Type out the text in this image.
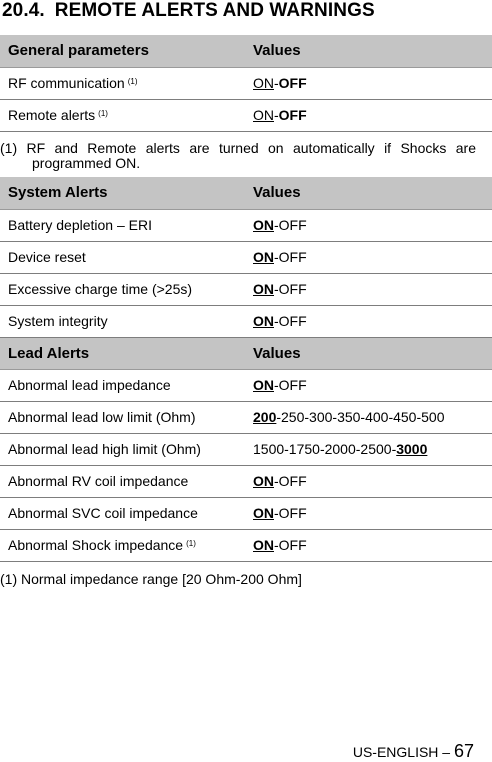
20.4. REMOTE ALERTS AND WARNINGS
General parameters	Values
RF communication $^{(1)}$	ON-OFF
Remote alerts $^{(1)}$	ON-OFF
(1) RF and Remote alerts are turned on automatically if Shocks are
programmed ON.
System Alerts	Values
Battery depletion – ERI	ON-OFF
Device reset	ON-OFF
Excessive charge time (>25s)	ON-OFF
System integrity	ON-OFF
Lead Alerts	Values
Abnormal lead impedance	ON-OFF
Abnormal lead low limit (Ohm)	200-250-300-350-400-450-500
Abnormal lead high limit (Ohm)	1500-1750-2000-2500-3000
Abnormal RV coil impedance	ON-OFF
Abnormal SVC coil impedance	ON-OFF
Abnormal Shock impedance $^{(1)}$	ON-OFF
(1) Normal impedance range [20 Ohm-200 Ohm]
US-ENGLISH – 67
